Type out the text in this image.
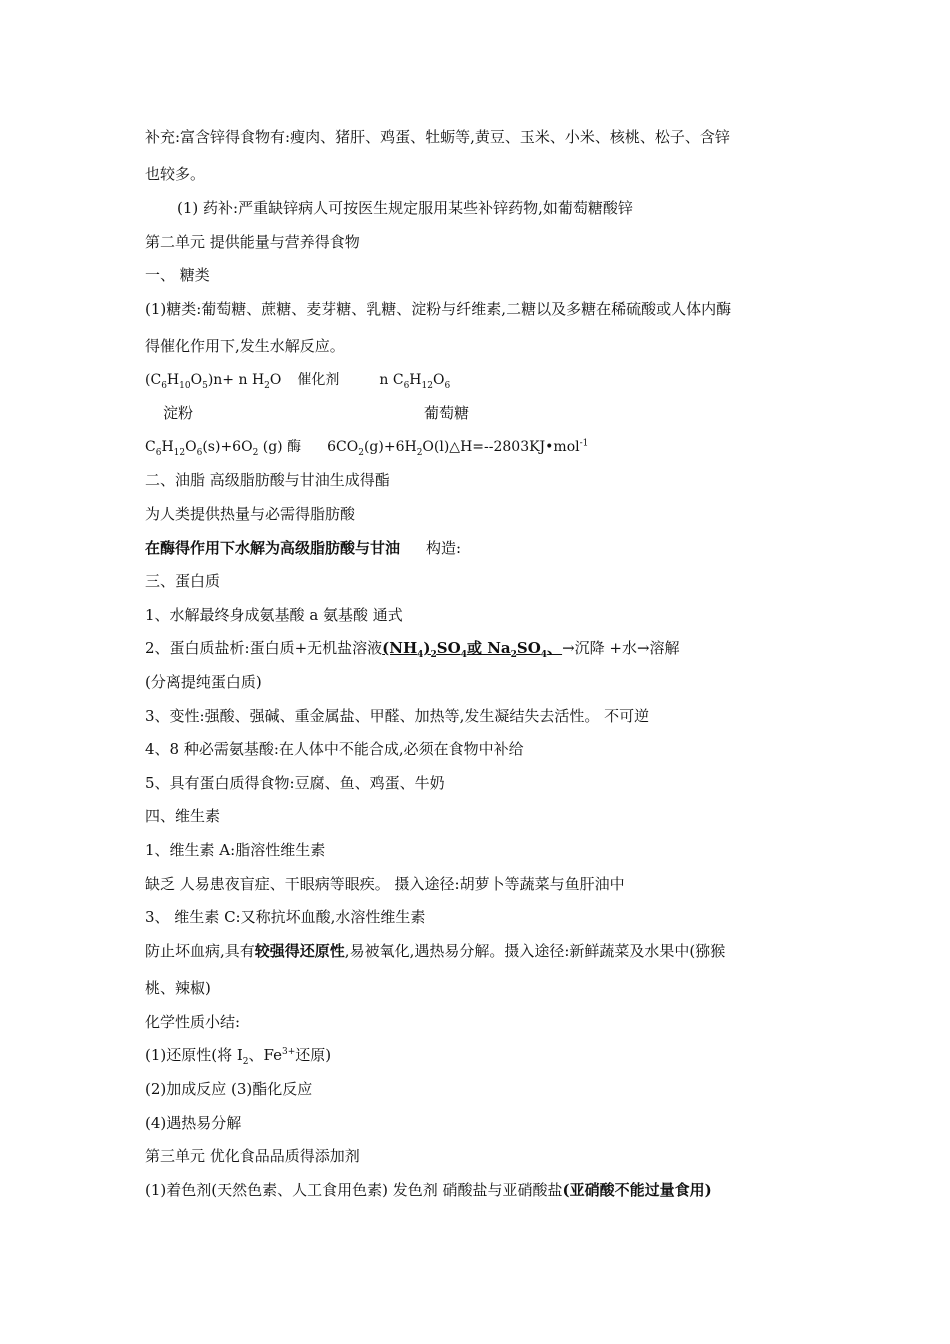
补充:富含锌得食物有:瘦肉、猪肝、鸡蛋、牡蛎等,黄豆、玉米、小米、核桃、松子、含锌
也较多。
(1) 药补:严重缺锌病人可按医生规定服用某些补锌药物,如葡萄糖酸锌
第二单元 提供能量与营养得食物
一、 糖类
(1)糖类:葡萄糖、蔗糖、麦芽糖、乳糖、淀粉与纤维素,二糖以及多糖在稀硫酸或人体内酶
得催化作用下,发生水解反应。
$(C_6H_{10}O_5)n+ n$ $H_2O$ 催化剂	n $C_6H_{12}O_6$
淀粉	葡萄糖
$C_6H_{12}O_6(s)+6O_2$ (g) 酶 $6CO_2(g)+6H_2O(l)\triangle H=--2803KJ•mol^{-1}$
二、油脂 高级脂肪酸与甘油生成得酯
为人类提供热量与必需得脂肪酸
在酶得作用下水解为高级脂肪酸与甘油 构造:
三、蛋白质
1、水解最终身成氨基酸 a 氨基酸 通式
2、蛋白质盐析:蛋白质+无机盐溶液$(NH_4)_2SO_4$或 $Na_2SO_4$、→沉降 +水→溶解
(分离提纯蛋白质)
3、变性:强酸、强碱、重金属盐、甲醛、加热等,发生凝结失去活性。 不可逆
4、8 种必需氨基酸:在人体中不能合成,必须在食物中补给
5、具有蛋白质得食物:豆腐、鱼、鸡蛋、牛奶
四、维生素
1、维生素 A:脂溶性维生素
缺乏 人易患夜盲症、干眼病等眼疾。 摄入途径:胡萝卜等蔬菜与鱼肝油中
3、 维生素 C:又称抗坏血酸,水溶性维生素
防止坏血病,具有较强得还原性,易被氧化,遇热易分解。摄入途径:新鲜蔬菜及水果中(猕猴
桃、辣椒)
化学性质小结:
(1)还原性(将 $I_2$、$Fe^{3+}$还原)
(2)加成反应 (3)酯化反应
(4)遇热易分解
第三单元 优化食品品质得添加剂
(1)着色剂(天然色素、人工食用色素) 发色剂 硝酸盐与亚硝酸盐(亚硝酸不能过量食用)
